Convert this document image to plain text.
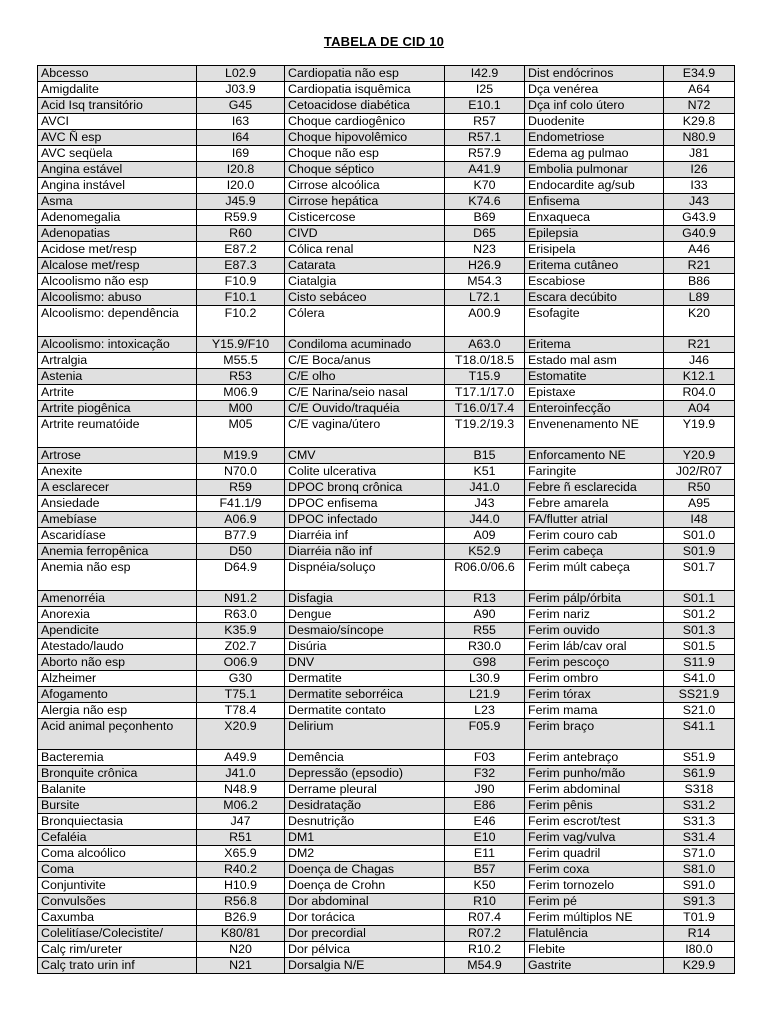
TABELA DE CID 10
Abcesso	L02.9	Cardiopatia não esp	I42.9	Dist endócrinos	E34.9
Amigdalite	J03.9	Cardiopatia isquêmica	I25	Dça venérea	A64
Acid Isq transitório	G45	Cetoacidose diabética	E10.1	Dça inf colo útero	N72
AVCI	I63	Choque cardiogênico	R57	Duodenite	K29.8
AVC Ñ esp	I64	Choque hipovolêmico	R57.1	Endometriose	N80.9
AVC seqüela	I69	Choque não esp	R57.9	Edema ag pulmao	J81
Angina estável	I20.8	Choque séptico	A41.9	Embolia pulmonar	I26
Angina instável	I20.0	Cirrose alcoólica	K70	Endocardite ag/sub	I33
Asma	J45.9	Cirrose hepática	K74.6	Enfisema	J43
Adenomegalia	R59.9	Cisticercose	B69	Enxaqueca	G43.9
Adenopatias	R60	CIVD	D65	Epilepsia	G40.9
Acidose met/resp	E87.2	Cólica renal	N23	Erisipela	A46
Alcalose met/resp	E87.3	Catarata	H26.9	Eritema cutâneo	R21
Alcoolismo não esp	F10.9	Ciatalgia	M54.3	Escabiose	B86
Alcoolismo: abuso	F10.1	Cisto sebáceo	L72.1	Escara decúbito	L89
Alcoolismo: dependência	F10.2	Cólera	A00.9	Esofagite	K20
Alcoolismo: intoxicação	Y15.9/F10	Condiloma acuminado	A63.0	Eritema	R21
Artralgia	M55.5	C/E Boca/anus	T18.0/18.5	Estado mal asm	J46
Astenia	R53	C/E olho	T15.9	Estomatite	K12.1
Artrite	M06.9	C/E Narina/seio nasal	T17.1/17.0	Epistaxe	R04.0
Artrite piogênica	M00	C/E Ouvido/traquéia	T16.0/17.4	Enteroinfecção	A04
Artrite reumatóide	M05	C/E vagina/útero	T19.2/19.3	Envenenamento NE	Y19.9
Artrose	M19.9	CMV	B15	Enforcamento NE	Y20.9
Anexite	N70.0	Colite ulcerativa	K51	Faringite	J02/R07
A esclarecer	R59	DPOC bronq crônica	J41.0	Febre ñ esclarecida	R50
Ansiedade	F41.1/9	DPOC enfisema	J43	Febre amarela	A95
Amebíase	A06.9	DPOC infectado	J44.0	FA/flutter atrial	I48
Ascaridíase	B77.9	Diarréia inf	A09	Ferim couro cab	S01.0
Anemia ferropênica	D50	Diarréia não inf	K52.9	Ferim cabeça	S01.9
Anemia não esp	D64.9	Dispnéia/soluço	R06.0/06.6	Ferim múlt cabeça	S01.7
Amenorréia	N91.2	Disfagia	R13	Ferim pálp/órbita	S01.1
Anorexia	R63.0	Dengue	A90	Ferim nariz	S01.2
Apendicite	K35.9	Desmaio/síncope	R55	Ferim ouvido	S01.3
Atestado/laudo	Z02.7	Disúria	R30.0	Ferim láb/cav oral	S01.5
Aborto não esp	O06.9	DNV	G98	Ferim pescoço	S11.9
Alzheimer	G30	Dermatite	L30.9	Ferim ombro	S41.0
Afogamento	T75.1	Dermatite seborréica	L21.9	Ferim tórax	SS21.9
Alergia não esp	T78.4	Dermatite contato	L23	Ferim mama	S21.0
Acid animal peçonhento	X20.9	Delirium	F05.9	Ferim braço	S41.1
Bacteremia	A49.9	Demência	F03	Ferim antebraço	S51.9
Bronquite crônica	J41.0	Depressão (epsodio)	F32	Ferim punho/mão	S61.9
Balanite	N48.9	Derrame pleural	J90	Ferim abdominal	S318
Bursite	M06.2	Desidratação	E86	Ferim pênis	S31.2
Bronquiectasia	J47	Desnutrição	E46	Ferim escrot/test	S31.3
Cefaléia	R51	DM1	E10	Ferim vag/vulva	S31.4
Coma alcoólico	X65.9	DM2	E11	Ferim quadril	S71.0
Coma	R40.2	Doença de Chagas	B57	Ferim coxa	S81.0
Conjuntivite	H10.9	Doença de Crohn	K50	Ferim tornozelo	S91.0
Convulsões	R56.8	Dor abdominal	R10	Ferim pé	S91.3
Caxumba	B26.9	Dor torácica	R07.4	Ferim múltiplos NE	T01.9
Colelitíase/Colecistite/	K80/81	Dor precordial	R07.2	Flatulência	R14
Calç rim/ureter	N20	Dor pélvica	R10.2	Flebite	I80.0
Calç trato urin inf	N21	Dorsalgia N/E	M54.9	Gastrite	K29.9
